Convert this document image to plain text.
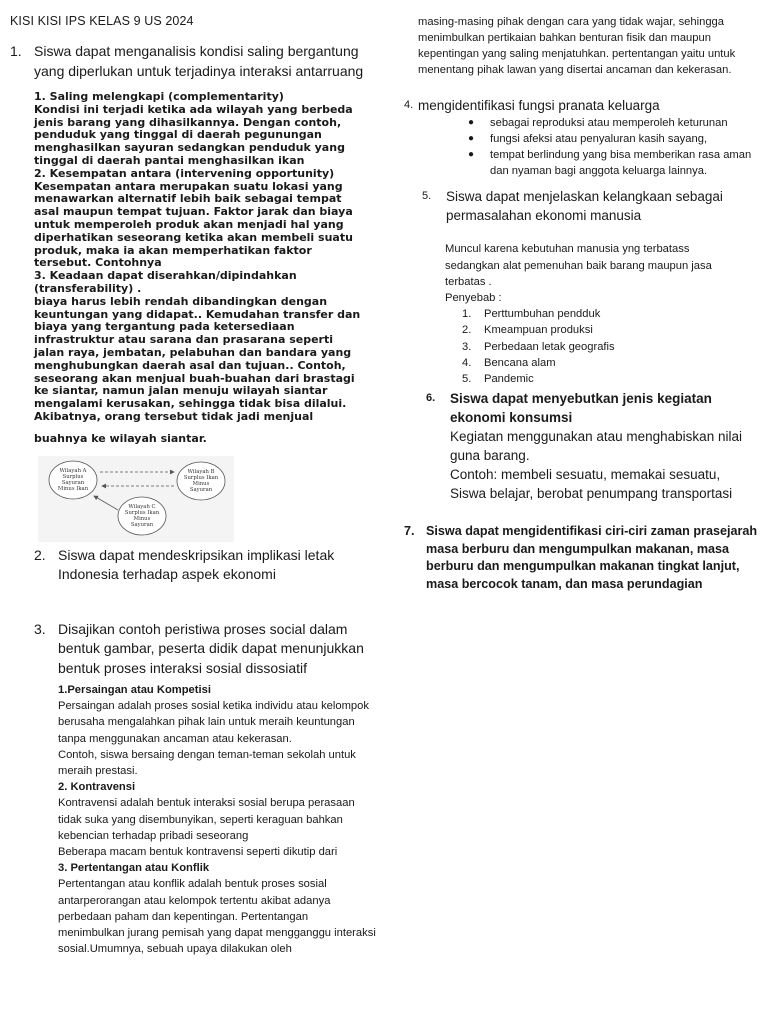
KISI KISI IPS KELAS 9 US 2024
1. Siswa dapat menganalisis kondisi saling bergantung yang diperlukan untuk terjadinya interaksi antarruang

1. Saling melengkapi (complementarity)

Kondisi ini terjadi ketika ada wilayah yang berbeda jenis barang yang dihasilkannya. Dengan contoh, penduduk yang tinggal di daerah pegunungan menghasilkan sayuran sedangkan penduduk yang tinggal di daerah pantai menghasilkan ikan

2. Kesempatan antara (intervening opportunity)

Kesempatan antara merupakan suatu lokasi yang menawarkan alternatif lebih baik sebagai tempat asal maupun tempat tujuan. Faktor jarak dan biaya untuk memperoleh produk akan menjadi hal yang diperhatikan seseorang ketika akan membeli suatu produk, maka ia akan memperhatikan faktor tersebut. Contohnya

3. Keadaan dapat diserahkan/dipindahkan (transferability) .

biaya harus lebih rendah dibandingkan dengan keuntungan yang didapat.. Kemudahan transfer dan biaya yang tergantung pada ketersediaan infrastruktur atau sarana dan prasarana seperti jalan raya, jembatan, pelabuhan dan bandara yang menghubungkan daerah asal dan tujuan.. Contoh, seseorang akan menjual buah-buahan dari brastagi ke siantar, namun jalan menuju wilayah siantar mengalami kerusakan, sehingga tidak bisa dilalui. Akibatnya, orang tersebut tidak jadi menjual

buahnya ke wilayah siantar.

Wilayah A
Surplus
Sayuran
Minus Ikan
Wilayah B
Surplus Ikan
Minus
Sayuran
Wilayah C
Surplus Ikan
Minus
Sayuran
2. Siswa dapat mendeskripsikan implikasi letak Indonesia terhadap aspek ekonomi
3. Disajikan contoh peristiwa proses social dalam bentuk gambar, peserta didik dapat menunjukkan bentuk proses interaksi sosial dissosiatif
1.Persaingan atau Kompetisi
Persaingan adalah proses sosial ketika individu atau kelompok berusaha mengalahkan pihak lain untuk meraih keuntungan tanpa menggunakan ancaman atau kekerasan.
Contoh, siswa bersaing dengan teman-teman sekolah untuk meraih prestasi.
2. Kontravensi
Kontravensi adalah bentuk interaksi sosial berupa perasaan tidak suka yang disembunyikan, seperti keraguan bahkan kebencian terhadap pribadi seseorang
Beberapa macam bentuk kontravensi seperti dikutip dari
3. Pertentangan atau Konflik
Pertentangan atau konflik adalah bentuk proses sosial antarperorangan atau kelompok tertentu akibat adanya perbedaan paham dan kepentingan. Pertentangan menimbulkan jurang pemisah yang dapat mengganggu interaksi sosial.Umumnya, sebuah upaya dilakukan oleh
masing-masing pihak dengan cara yang tidak wajar, sehingga menimbulkan pertikaian bahkan benturan fisik dan maupun kepentingan yang saling menjatuhkan. pertentangan yaitu untuk menentang pihak lawan yang disertai ancaman dan kekerasan.
4. mengidentifikasi fungsi pranata keluarga
●	sebagai reproduksi atau memperoleh keturunan
●	fungsi afeksi atau penyaluran kasih sayang,
●	tempat berlindung yang bisa memberikan rasa aman dan nyaman bagi anggota keluarga lainnya.
5.	Siswa dapat menjelaskan kelangkaan sebagai permasalahan ekonomi manusia
Muncul karena kebutuhan manusia yng terbatass sedangkan alat pemenuhan baik barang maupun jasa terbatas .
Penyebab :
1.	Perttumbuhan pendduk
2.	Kmeampuan produksi
3.	Perbedaan letak geografis
4.	Bencana alam
5.	Pandemic
6.	Siswa dapat menyebutkan jenis kegiatan ekonomi konsumsi
Kegiatan menggunakan atau menghabiskan nilai guna barang.
Contoh: membeli sesuatu, memakai sesuatu, Siswa belajar, berobat penumpang transportasi
7. Siswa dapat mengidentifikasi ciri-ciri zaman prasejarah masa berburu dan mengumpulkan makanan, masa berburu dan mengumpulkan makanan tingkat lanjut, masa bercocok tanam, dan masa perundagian
